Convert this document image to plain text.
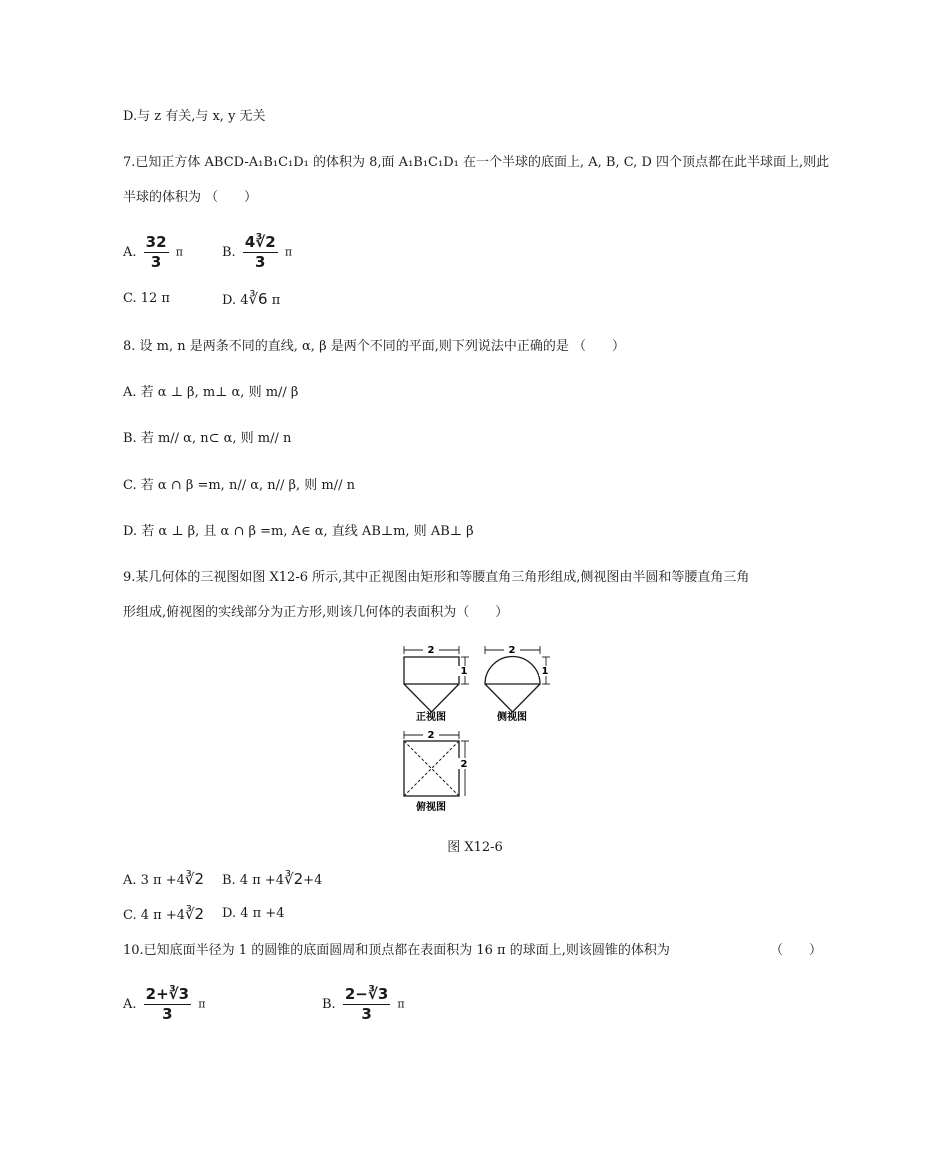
D.与 z 有关,与 x, y 无关
7.已知正方体 ABCD-A₁B₁C₁D₁ 的体积为 8,面 A₁B₁C₁D₁ 在一个半球的底面上, A, B, C, D 四个顶点都在此半球面上,则此
半球的体积为 （　　）
A. $\frac{32}{3}$ π	B. $\frac{4∛2}{3}$ π
C. 12 π	D. 4∛6 π
8. 设 m, n 是两条不同的直线, α, β 是两个不同的平面,则下列说法中正确的是 （　　）
A. 若 α ⊥ β, m⊥ α, 则 m// β
B. 若 m// α, n⊂ α, 则 m// n
C. 若 α ∩ β =m, n// α, n// β, 则 m// n
D. 若 α ⊥ β, 且 α ∩ β =m, A∈ α, 直线 AB⊥m, 则 AB⊥ β
9.某几何体的三视图如图 X12-6 所示,其中正视图由矩形和等腰直角三角形组成,侧视图由半圆和等腰直角三角
形组成,俯视图的实线部分为正方形,则该几何体的表面积为（　　）
2
1
正视图
2
1
侧视图
2
2
俯视图
图 X12-6
A. 3 π +4∛2 B. 4 π +4∛2+4
C. 4 π +4∛2 D. 4 π +4
10.已知底面半径为 1 的圆锥的底面圆周和顶点都在表面积为 16 π 的球面上,则该圆锥的体积为	（　　）
A. $\frac{2+∛3}{3}$ π	B. $\frac{2-∛3}{3}$ π
